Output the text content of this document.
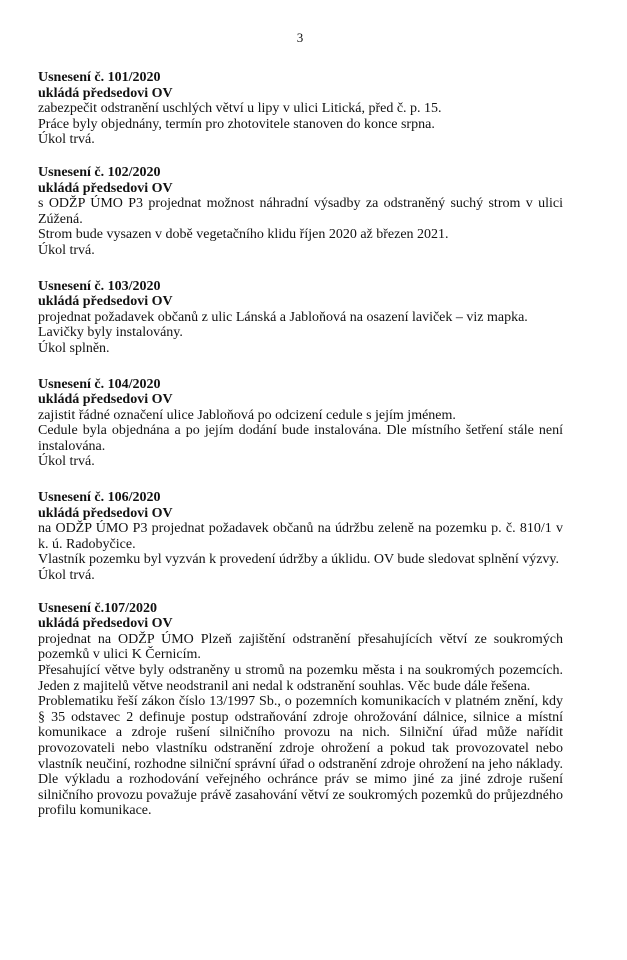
3

Usnesení č. 101/2020

ukládá předsedovi OV

zabezpečit odstranění uschlých větví u lipy v ulici Litická, před č. p. 15.

Práce byly objednány, termín pro zhotovitele stanoven do konce srpna.

Úkol trvá.

Usnesení č. 102/2020

ukládá předsedovi OV

s ODŽP ÚMO P3 projednat možnost náhradní výsadby za odstraněný suchý strom v ulici Zúžená.

Strom bude vysazen v době vegetačního klidu říjen 2020 až březen 2021.

Úkol trvá.

Usnesení č. 103/2020

ukládá předsedovi OV

projednat požadavek občanů z ulic Lánská a Jabloňová na osazení laviček – viz mapka.

Lavičky byly instalovány.

Úkol splněn.

Usnesení č. 104/2020

ukládá předsedovi OV

zajistit řádné označení ulice Jabloňová po odcizení cedule s jejím jménem.

Cedule byla objednána a po jejím dodání bude instalována. Dle místního šetření stále není instalována.

Úkol trvá.

Usnesení č. 106/2020

ukládá předsedovi OV

na ODŽP ÚMO P3 projednat požadavek občanů na údržbu zeleně na pozemku p. č. 810/1 v k. ú. Radobyčice.

Vlastník pozemku byl vyzván k provedení údržby a úklidu. OV bude sledovat splnění výzvy.

Úkol trvá.

Usnesení č.107/2020

ukládá předsedovi OV

projednat na ODŽP ÚMO Plzeň zajištění odstranění přesahujících větví ze soukromých pozemků v ulici K Černicím.

Přesahující větve byly odstraněny u stromů na pozemku města i na soukromých pozemcích. Jeden z majitelů větve neodstranil ani nedal k odstranění souhlas. Věc bude dále řešena.

Problematiku řeší zákon číslo 13/1997 Sb., o pozemních komunikacích v platném znění, kdy § 35 odstavec 2 definuje postup odstraňování zdroje ohrožování dálnice, silnice a místní komunikace a zdroje rušení silničního provozu na nich. Silniční úřad může nařídit provozovateli nebo vlastníku odstranění zdroje ohrožení a pokud tak provozovatel nebo vlastník neučiní, rozhodne silniční správní úřad o odstranění zdroje ohrožení na jeho náklady. Dle výkladu a rozhodování veřejného ochránce práv se mimo jiné za jiné zdroje rušení silničního provozu považuje právě zasahování větví ze soukromých pozemků do průjezdného profilu komunikace.
